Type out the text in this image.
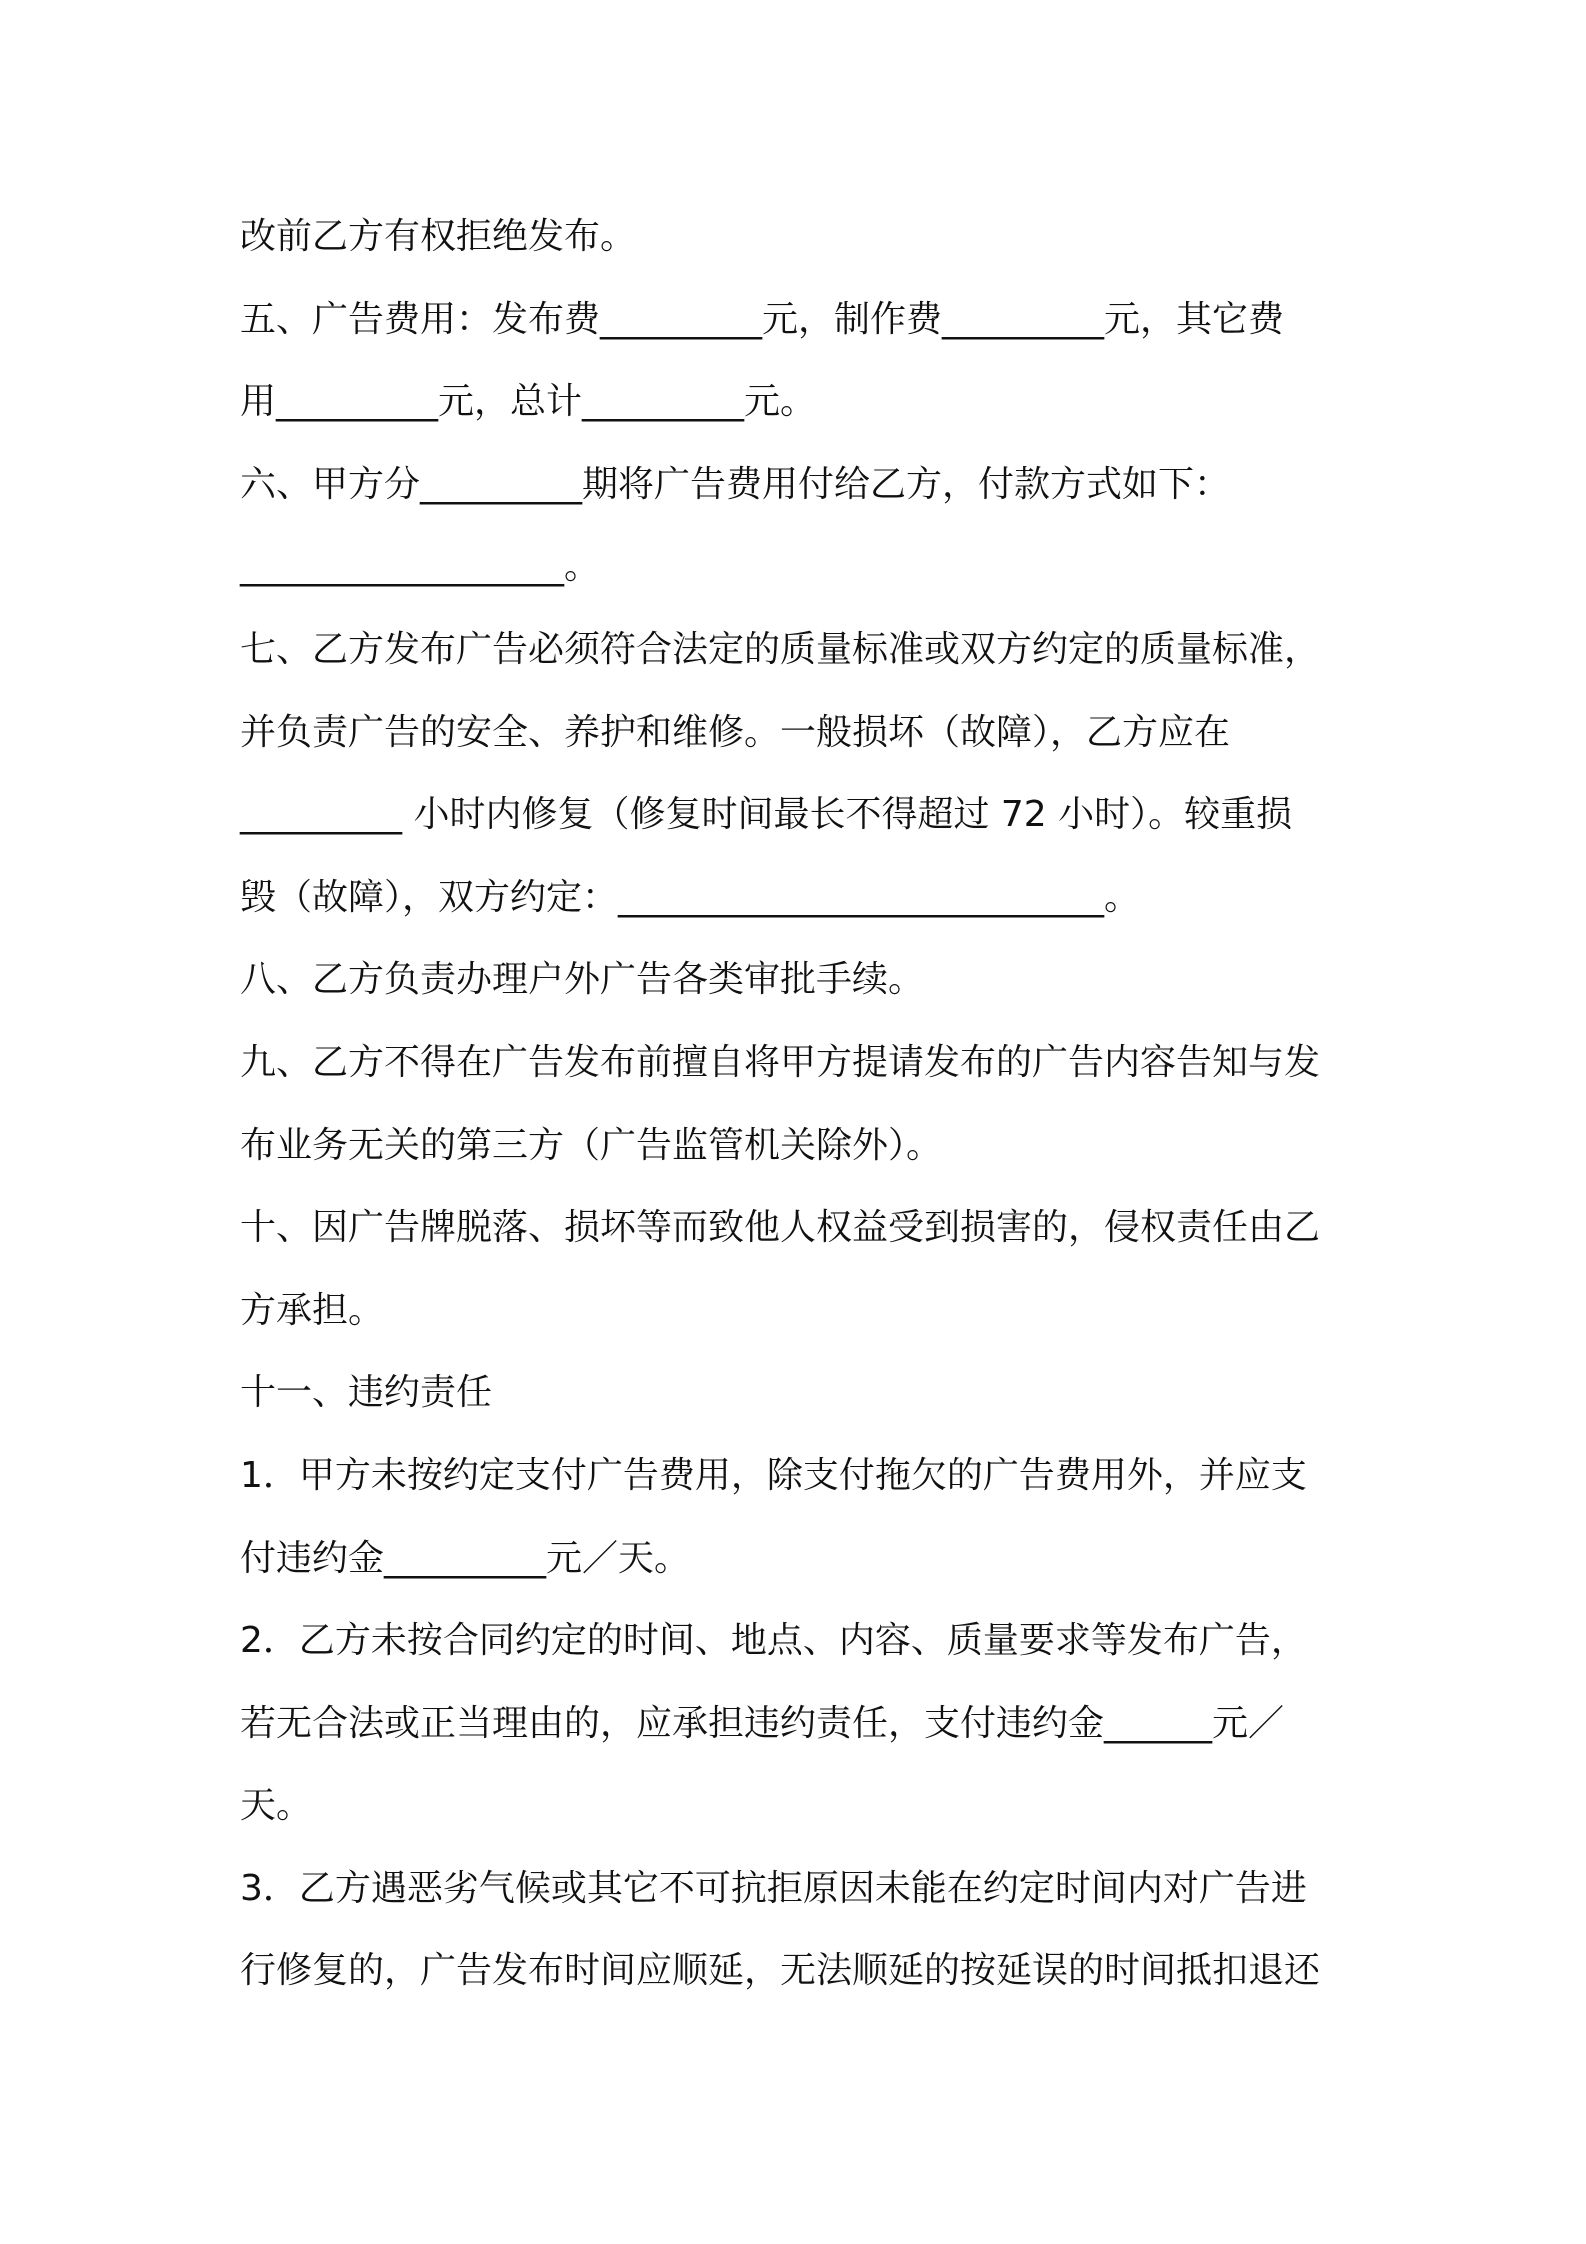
改前乙方有权拒绝发布。
五、广告费用：发布费_________元，制作费_________元，其它费
用_________元，总计_________元。
六、甲方分_________期将广告费用付给乙方，付款方式如下：
__________________。
七、乙方发布广告必须符合法定的质量标准或双方约定的质量标准，
并负责广告的安全、养护和维修。一般损坏（故障），乙方应在
_________ 小时内修复（修复时间最长不得超过 72 小时）。较重损
毁（故障），双方约定：___________________________。
八、乙方负责办理户外广告各类审批手续。
九、乙方不得在广告发布前擅自将甲方提请发布的广告内容告知与发
布业务无关的第三方（广告监管机关除外）。
十、因广告牌脱落、损坏等而致他人权益受到损害的，侵权责任由乙
方承担。
十一、违约责任
1．甲方未按约定支付广告费用，除支付拖欠的广告费用外，并应支
付违约金_________元／天。
2．乙方未按合同约定的时间、地点、内容、质量要求等发布广告，
若无合法或正当理由的，应承担违约责任，支付违约金______元／
天。
3．乙方遇恶劣气候或其它不可抗拒原因未能在约定时间内对广告进
行修复的，广告发布时间应顺延，无法顺延的按延误的时间抵扣退还
